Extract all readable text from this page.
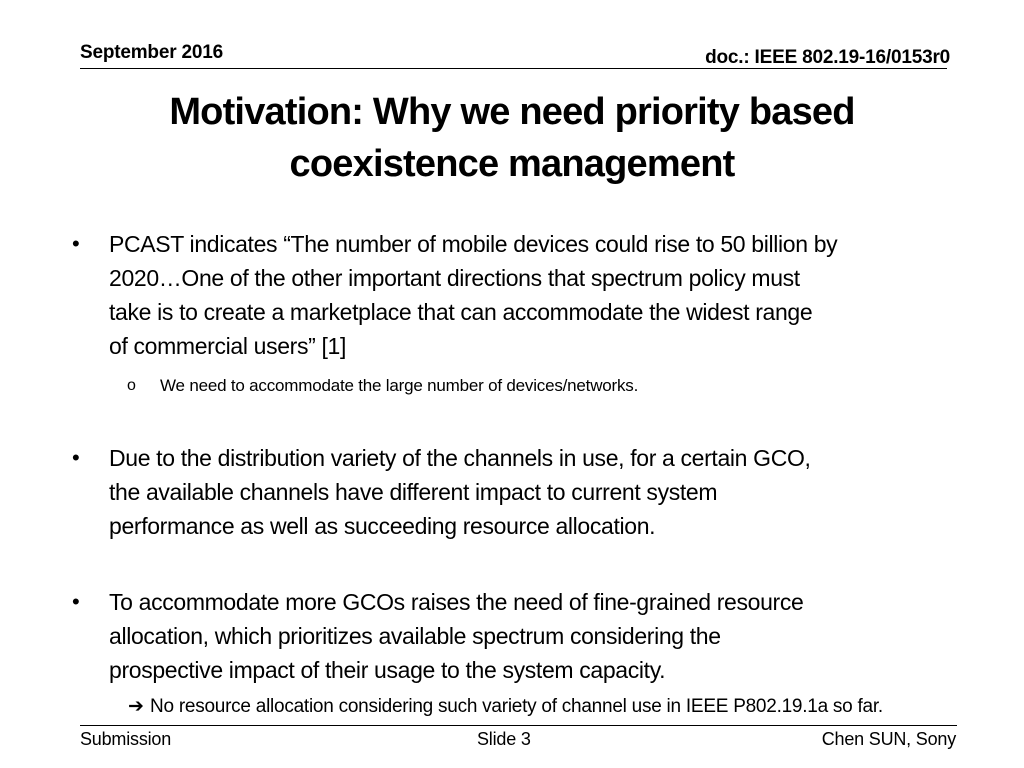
September 2016	doc.: IEEE 802.19-16/0153r0
Motivation: Why we need priority based
coexistence management
• PCAST indicates “The number of mobile devices could rise to 50 billion by
2020…One of the other important directions that spectrum policy must
take is to create a marketplace that can accommodate the widest range
of commercial users” [1]
o We need to accommodate the large number of devices/networks.
• Due to the distribution variety of the channels in use, for a certain GCO,
the available channels have different impact to current system
performance as well as succeeding resource allocation.
• To accommodate more GCOs raises the need of fine-grained resource
allocation, which prioritizes available spectrum considering the
prospective impact of their usage to the system capacity.
➔ No resource allocation considering such variety of channel use in IEEE P802.19.1a so far.
Submission	Slide 3	Chen SUN, Sony
